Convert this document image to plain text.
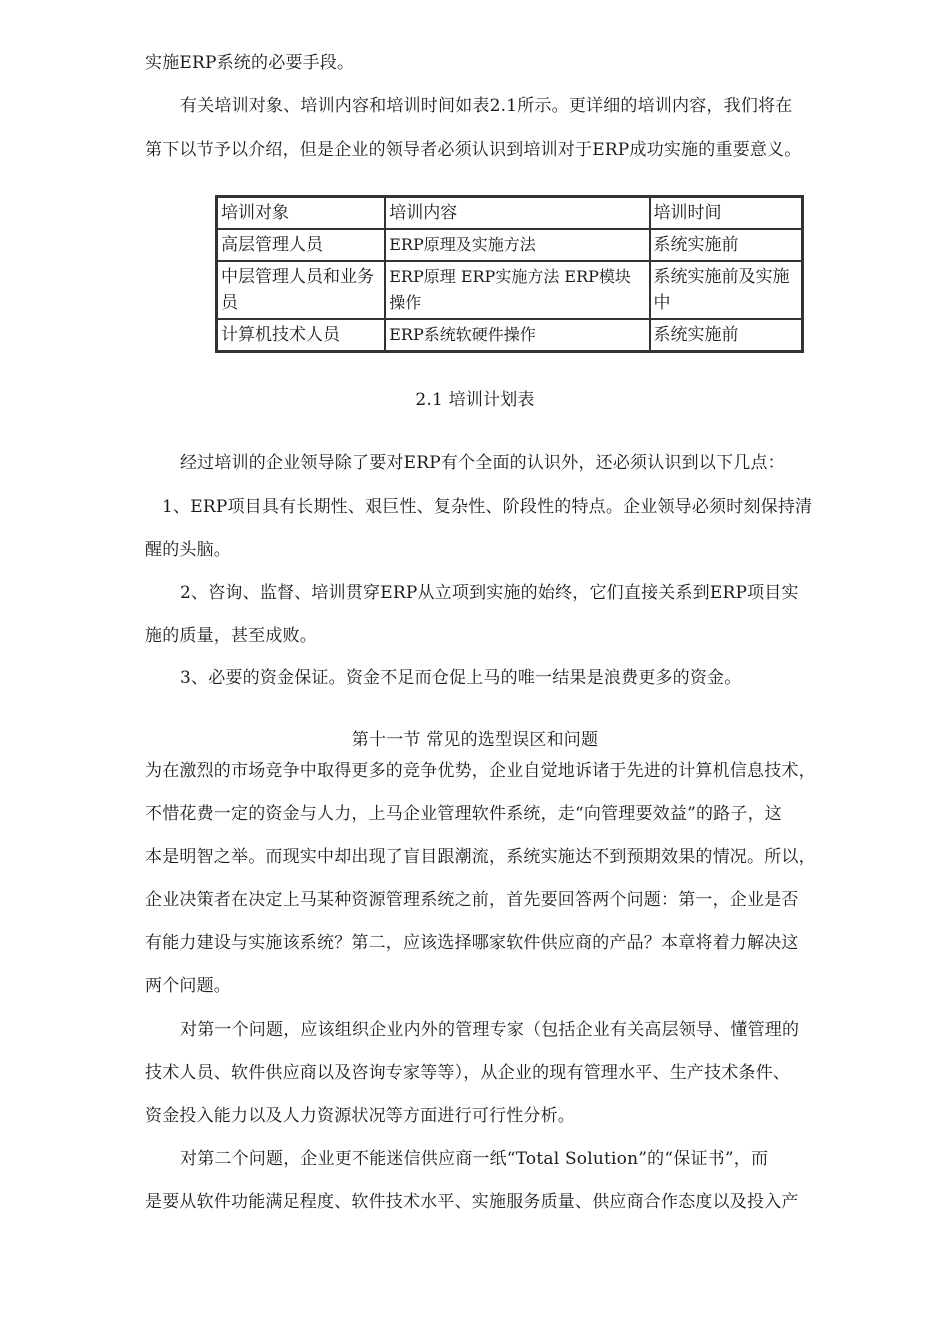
实施ERP系统的必要手段。
有关培训对象、培训内容和培训时间如表2.1所示。更详细的培训内容，我们将在
第下以节予以介绍，但是企业的领导者必须认识到培训对于ERP成功实施的重要意义。
培训对象	培训内容	培训时间
高层管理人员	ERP原理及实施方法	系统实施前
中层管理人员和业务员	ERP原理 ERP实施方法 ERP模块操作	系统实施前及实施中
计算机技术人员	ERP系统软硬件操作	系统实施前
2.1 培训计划表
经过培训的企业领导除了要对ERP有个全面的认识外，还必须认识到以下几点：
1、ERP项目具有长期性、艰巨性、复杂性、阶段性的特点。企业领导必须时刻保持清
醒的头脑。
2、咨询、监督、培训贯穿ERP从立项到实施的始终，它们直接关系到ERP项目实
施的质量，甚至成败。
3、必要的资金保证。资金不足而仓促上马的唯一结果是浪费更多的资金。
第十一节 常见的选型误区和问题
为在激烈的市场竞争中取得更多的竞争优势，企业自觉地诉诸于先进的计算机信息技术，
不惜花费一定的资金与人力，上马企业管理软件系统，走“向管理要效益”的路子，这
本是明智之举。而现实中却出现了盲目跟潮流，系统实施达不到预期效果的情况。所以，
企业决策者在决定上马某种资源管理系统之前，首先要回答两个问题：第一，企业是否
有能力建设与实施该系统？第二，应该选择哪家软件供应商的产品？本章将着力解决这
两个问题。
对第一个问题，应该组织企业内外的管理专家（包括企业有关高层领导、懂管理的
技术人员、软件供应商以及咨询专家等等），从企业的现有管理水平、生产技术条件、
资金投入能力以及人力资源状况等方面进行可行性分析。
对第二个问题，企业更不能迷信供应商一纸“Total Solution”的“保证书”，而
是要从软件功能满足程度、软件技术水平、实施服务质量、供应商合作态度以及投入产
